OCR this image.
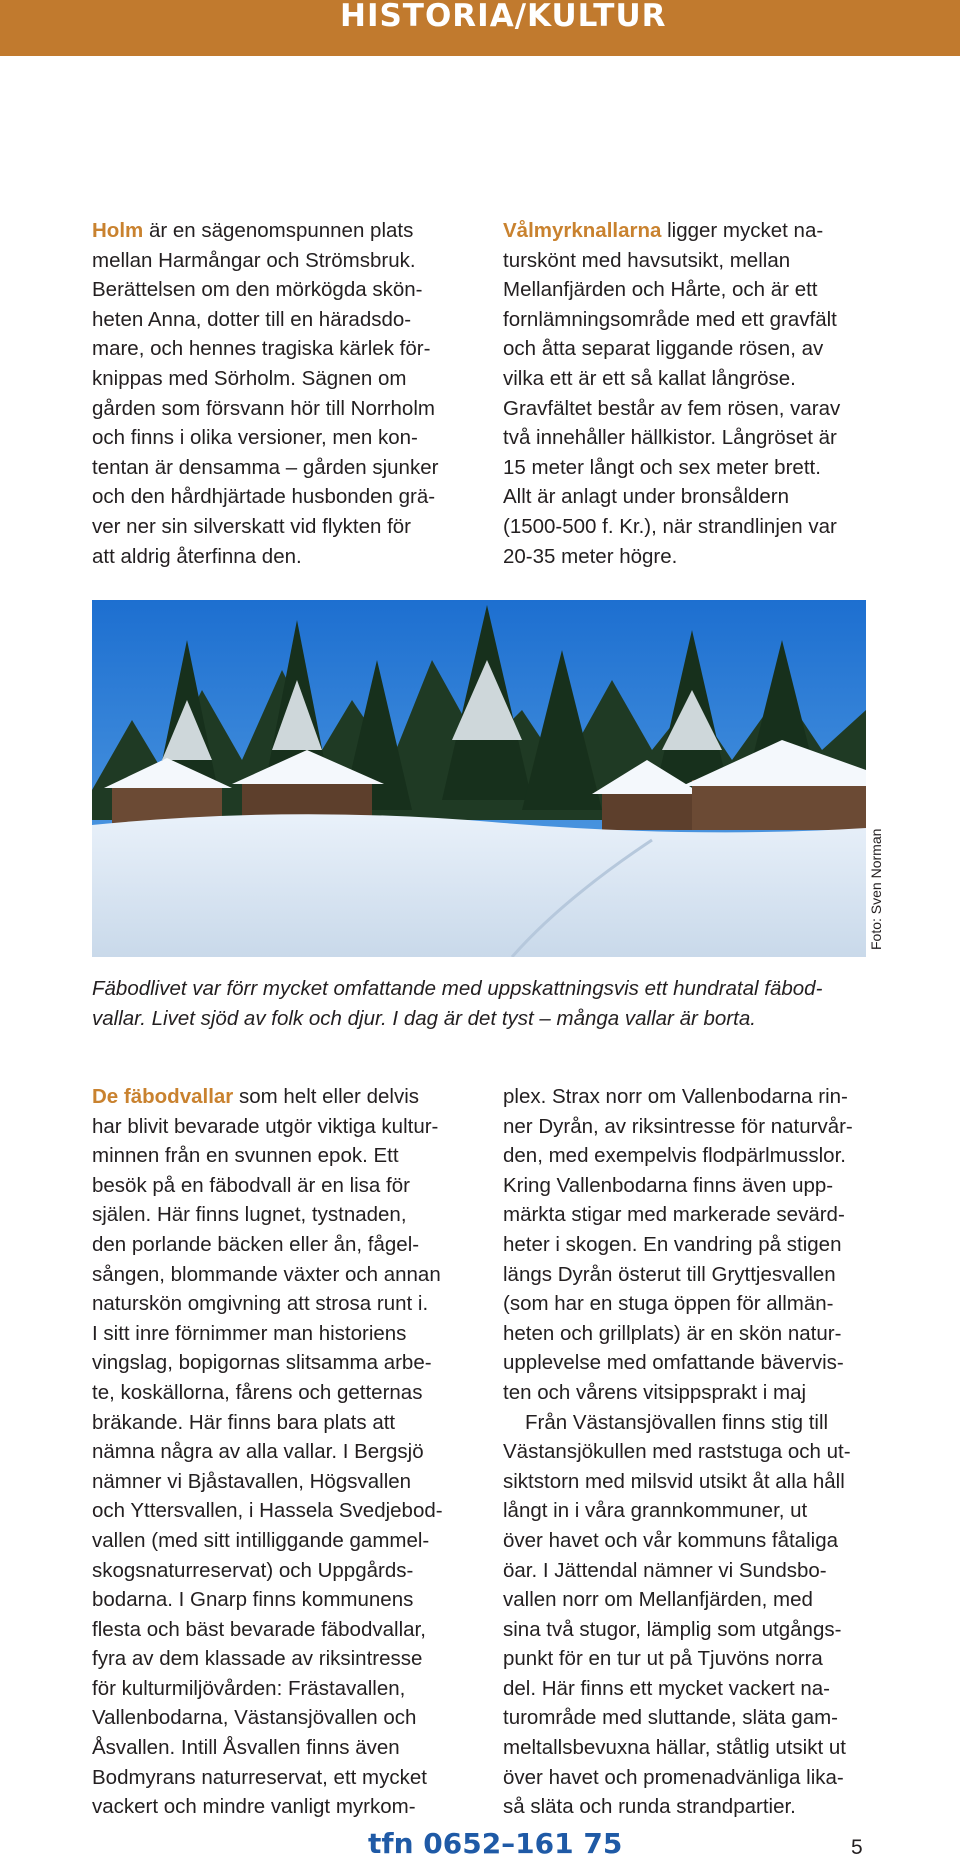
HISTORIA/KULTUR
Holm är en sägenomspunnen plats
mellan Harmångar och Strömsbruk.
Berättelsen om den mörkögda skön-
heten Anna, dotter till en häradsdo-
mare, och hennes tragiska kärlek för-
knippas med Sörholm. Sägnen om
gården som försvann hör till Norrholm
och finns i olika versioner, men kon-
tentan är densamma – gården sjunker
och den hårdhjärtade husbonden grä-
ver ner sin silverskatt vid flykten för
att aldrig återfinna den.
Vålmyrknallarna ligger mycket na-
turskönt med havsutsikt, mellan
Mellanfjärden och Hårte, och är ett
fornlämningsområde med ett gravfält
och åtta separat liggande rösen, av
vilka ett är ett så kallat långröse.
Gravfältet består av fem rösen, varav
två innehåller hällkistor. Långröset är
15 meter långt och sex meter brett.
Allt är anlagt under bronsåldern
(1500-500 f. Kr.), när strandlinjen var
20-35 meter högre.
Foto: Sven Norman
Fäbodlivet var förr mycket omfattande med uppskattningsvis ett hundratal fäbod-
vallar. Livet sjöd av folk och djur. I dag är det tyst – många vallar är borta.
De fäbodvallar som helt eller delvis
har blivit bevarade utgör viktiga kultur-
minnen från en svunnen epok. Ett
besök på en fäbodvall är en lisa för
själen. Här finns lugnet, tystnaden,
den porlande bäcken eller ån, fågel-
sången, blommande växter och annan
naturskön omgivning att strosa runt i.
I sitt inre förnimmer man historiens
vingslag, bopigornas slitsamma arbe-
te, koskällorna, fårens och getternas
bräkande. Här finns bara plats att
nämna några av alla vallar. I Bergsjö
nämner vi Bjåstavallen, Högsvallen
och Yttersvallen, i Hassela Svedjebod-
vallen (med sitt intilliggande gammel-
skogsnaturreservat) och Uppgårds-
bodarna. I Gnarp finns kommunens
flesta och bäst bevarade fäbodvallar,
fyra av dem klassade av riksintresse
för kulturmiljövården: Frästavallen,
Vallenbodarna, Västansjövallen och
Åsvallen. Intill Åsvallen finns även
Bodmyrans naturreservat, ett mycket
vackert och mindre vanligt myrkom-
plex. Strax norr om Vallenbodarna rin-
ner Dyrån, av riksintresse för naturvår-
den, med exempelvis flodpärlmusslor.
Kring Vallenbodarna finns även upp-
märkta stigar med markerade sevärd-
heter i skogen. En vandring på stigen
längs Dyrån österut till Gryttjesvallen
(som har en stuga öppen för allmän-
heten och grillplats) är en skön natur-
upplevelse med omfattande bävervis-
ten och vårens vitsippsprakt i maj
Från Västansjövallen finns stig till
Västansjökullen med raststuga och ut-
siktstorn med milsvid utsikt åt alla håll
långt in i våra grannkommuner, ut
över havet och vår kommuns fåtaliga
öar. I Jättendal nämner vi Sundsbo-
vallen norr om Mellanfjärden, med
sina två stugor, lämplig som utgångs-
punkt för en tur ut på Tjuvöns norra
del. Här finns ett mycket vackert na-
turområde med sluttande, släta gam-
meltallsbevuxna hällar, ståtlig utsikt ut
över havet och promenadvänliga lika-
så släta och runda strandpartier.
tfn 0652–161 75	5
